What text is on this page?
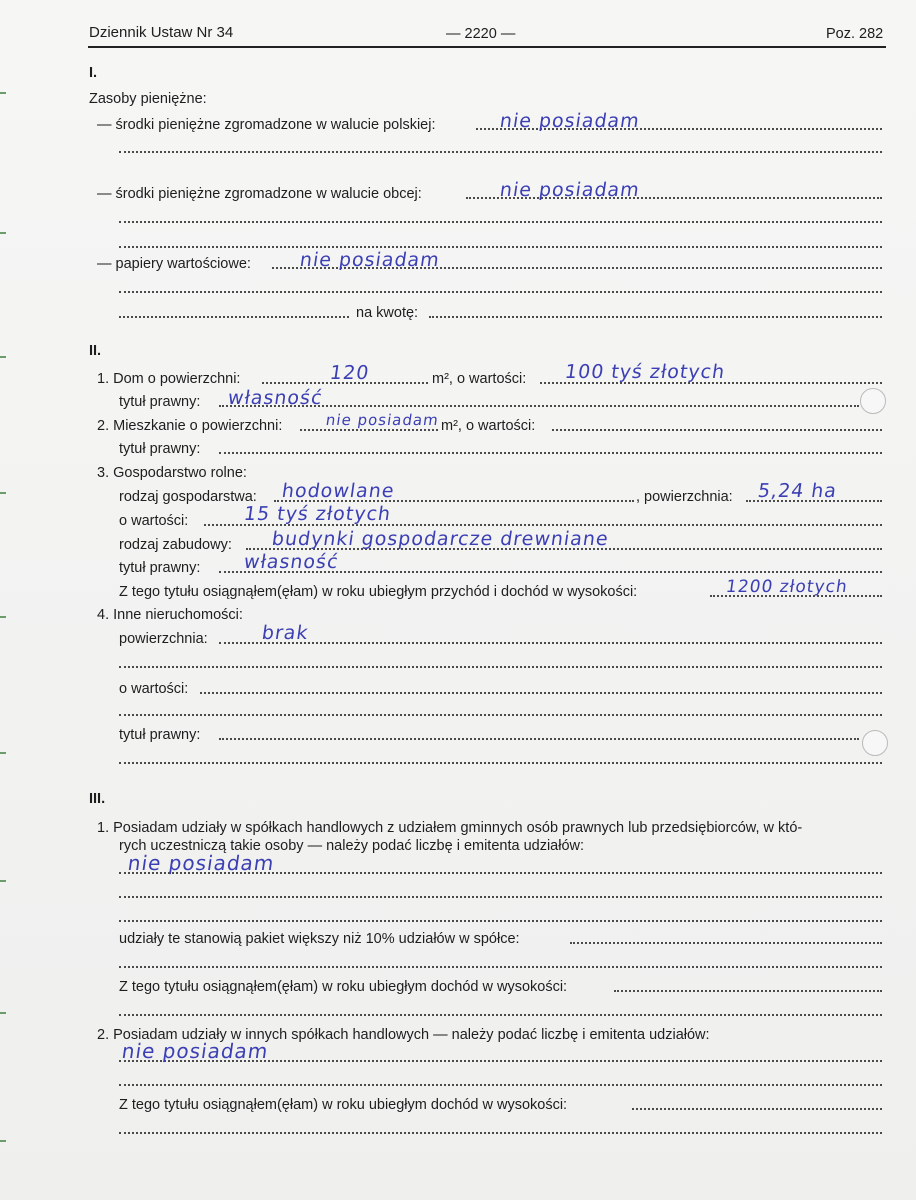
Dziennik Ustaw Nr 34	— 2220 —	Poz. 282
I.
Zasoby pieniężne:
— środki pieniężne zgromadzone w walucie polskiej:	nie posiadam
— środki pieniężne zgromadzone w walucie obcej:	nie posiadam
— papiery wartościowe:	nie posiadam
na kwotę:
II.
1. Dom o powierzchni:	120	m², o wartości: 100 tyś złotych
tytuł prawny: własność
2. Mieszkanie o powierzchni:	nie posiadam m², o wartości:
tytuł prawny:
3. Gospodarstwo rolne:
rodzaj gospodarstwa: hodowlane	, powierzchnia: 5,24 ha
o wartości:	15 tyś złotych
rodzaj zabudowy: budynki gospodarcze drewniane
tytuł prawny: własność
Z tego tytułu osiągnąłem(ęłam) w roku ubiegłym przychód i dochód w wysokości:	1200 złotych
4. Inne nieruchomości:
powierzchnia:	brak
o wartości:
tytuł prawny:
III.
1. Posiadam udziały w spółkach handlowych z udziałem gminnych osób prawnych lub przedsiębiorców, w któ-
rych uczestniczą takie osoby — należy podać liczbę i emitenta udziałów:
nie posiadam
udziały te stanowią pakiet większy niż 10% udziałów w spółce:
Z tego tytułu osiągnąłem(ęłam) w roku ubiegłym dochód w wysokości:
2. Posiadam udziały w innych spółkach handlowych — należy podać liczbę i emitenta udziałów:
nie posiadam
Z tego tytułu osiągnąłem(ęłam) w roku ubiegłym dochód w wysokości:
